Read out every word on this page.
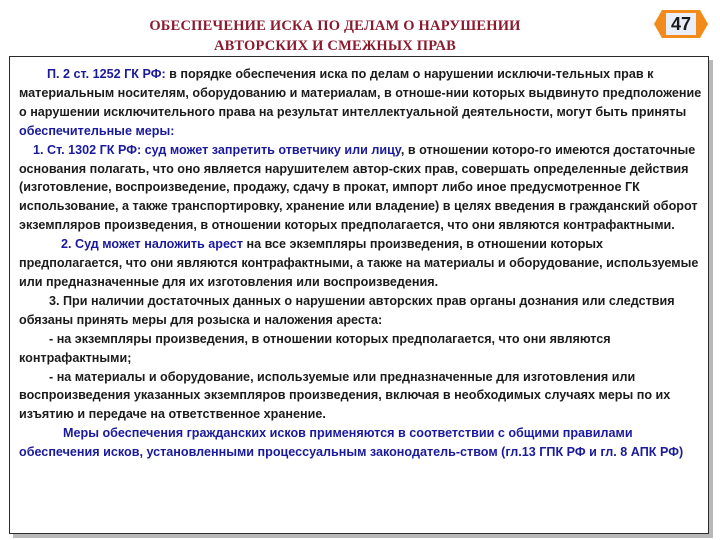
ОБЕСПЕЧЕНИЕ ИСКА ПО ДЕЛАМ О НАРУШЕНИИ
АВТОРСКИХ И СМЕЖНЫХ ПРАВ
47

П. 2 ст. 1252 ГК РФ: в порядке обеспечения иска по делам о нарушении исключи-тельных прав к материальным носителям, оборудованию и материалам, в отноше-нии которых выдвинуто предположение о нарушении исключительного права на результат интеллектуальной деятельности, могут быть приняты обеспечительные меры:

1. Ст. 1302 ГК РФ: суд может запретить ответчику или лицу, в отношении которо-го имеются достаточные основания полагать, что оно является нарушителем автор-ских прав, совершать определенные действия (изготовление, воспроизведение, продажу, сдачу в прокат, импорт либо иное предусмотренное ГК использование, а также транспортировку, хранение или владение) в целях введения в гражданский оборот экземпляров произведения, в отношении которых предполагается, что они являются контрафактными.

2. Суд может наложить арест на все экземпляры произведения, в отношении которых предполагается, что они являются контрафактными, а также на материалы и оборудование, используемые или предназначенные для их изготовления или воспроизведения.

3. При наличии достаточных данных о нарушении авторских прав органы дознания или следствия обязаны принять меры для розыска и наложения ареста:

- на экземпляры произведения, в отношении которых предполагается, что они являются контрафактными;

- на материалы и оборудование, используемые или предназначенные для изготовления или воспроизведения указанных экземпляров произведения, включая в необходимых случаях меры по их изъятию и передаче на ответственное хранение.

Меры обеспечения гражданских исков применяются в соответствии с общими правилами обеспечения исков, установленными процессуальным законодатель-ством (гл.13 ГПК РФ и гл. 8 АПК РФ)
